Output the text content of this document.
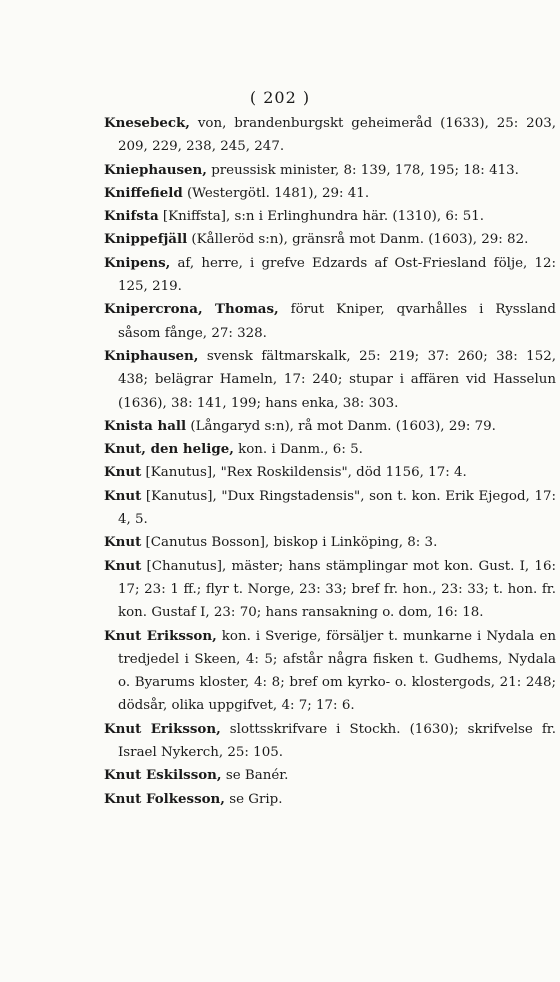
( 202 )
Knesebeck, von, brandenburgskt geheimeråd (1633), 25: 203, 209, 229, 238, 245, 247.
Kniephausen, preussisk minister, 8: 139, 178, 195; 18: 413.
Kniffefield (Westergötl. 1481), 29: 41.
Knifsta [Kniffsta], s:n i Erlinghundra här. (1310), 6: 51.
Knippefjäll (Kålleröd s:n), gränsrå mot Danm. (1603), 29: 82.
Knipens, af, herre, i grefve Edzards af Ost-Friesland följe, 12: 125, 219.
Knipercrona, Thomas, förut Kniper, qvarhålles i Ryssland såsom fånge, 27: 328.
Kniphausen, svensk fältmarskalk, 25: 219; 37: 260; 38: 152, 438; belägrar Hameln, 17: 240; stupar i affären vid Hasselun (1636), 38: 141, 199; hans enka, 38: 303.
Knista hall (Långaryd s:n), rå mot Danm. (1603), 29: 79.
Knut, den helige, kon. i Danm., 6: 5.
Knut [Kanutus], "Rex Roskildensis", död 1156, 17: 4.
Knut [Kanutus], "Dux Ringstadensis", son t. kon. Erik Ejegod, 17: 4, 5.
Knut [Canutus Bosson], biskop i Linköping, 8: 3.
Knut [Chanutus], mäster; hans stämplingar mot kon. Gust. I, 16: 17; 23: 1 ff.; flyr t. Norge, 23: 33; bref fr. hon., 23: 33; t. hon. fr. kon. Gustaf I, 23: 70; hans ransakning o. dom, 16: 18.
Knut Eriksson, kon. i Sverige, försäljer t. munkarne i Nydala en tredjedel i Skeen, 4: 5; afstår några fisken t. Gudhems, Nydala o. Byarums kloster, 4: 8; bref om kyrko- o. klostergods, 21: 248; dödsår, olika uppgifvet, 4: 7; 17: 6.
Knut Eriksson, slottsskrifvare i Stockh. (1630); skrifvelse fr. Israel Nykerch, 25: 105.
Knut Eskilsson, se Banér.
Knut Folkesson, se Grip.
